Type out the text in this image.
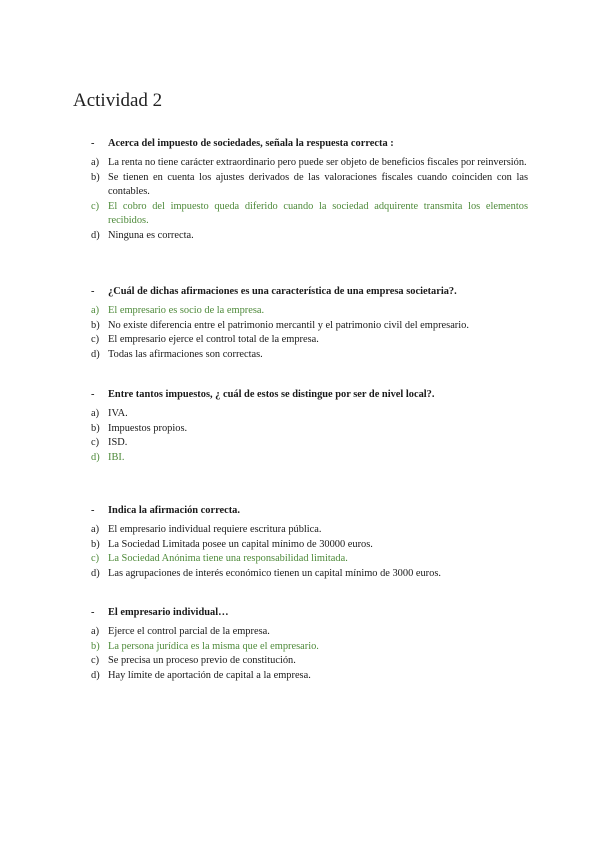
Actividad 2
- Acerca del impuesto de sociedades, señala la respuesta correcta :
a) La renta no tiene carácter extraordinario pero puede ser objeto de beneficios fiscales por reinversión.
b) Se tienen en cuenta los ajustes derivados de las valoraciones fiscales cuando coinciden con las contables.
c) El cobro del impuesto queda diferido cuando la sociedad adquirente transmita los elementos recibidos.
d) Ninguna es correcta.
- ¿Cuál de dichas afirmaciones es una característica de una empresa societaria?.
a) El empresario es socio de la empresa.
b) No existe diferencia entre el patrimonio mercantil y el patrimonio civil del empresario.
c) El empresario ejerce el control total de la empresa.
d) Todas las afirmaciones son correctas.
- Entre tantos impuestos, ¿ cuál de estos se distingue por ser de nivel local?.
a) IVA.
b) Impuestos propios.
c) ISD.
d) IBI.
- Indica la afirmación correcta.
a) El empresario individual requiere escritura pública.
b) La Sociedad Limitada posee un capital mínimo de 30000 euros.
c) La Sociedad Anónima tiene una responsabilidad limitada.
d) Las agrupaciones de interés económico tienen un capital mínimo de 3000 euros.
- El empresario individual…
a) Ejerce el control parcial de la empresa.
b) La persona jurídica es la misma que el empresario.
c) Se precisa un proceso previo de constitución.
d) Hay límite de aportación de capital a la empresa.
